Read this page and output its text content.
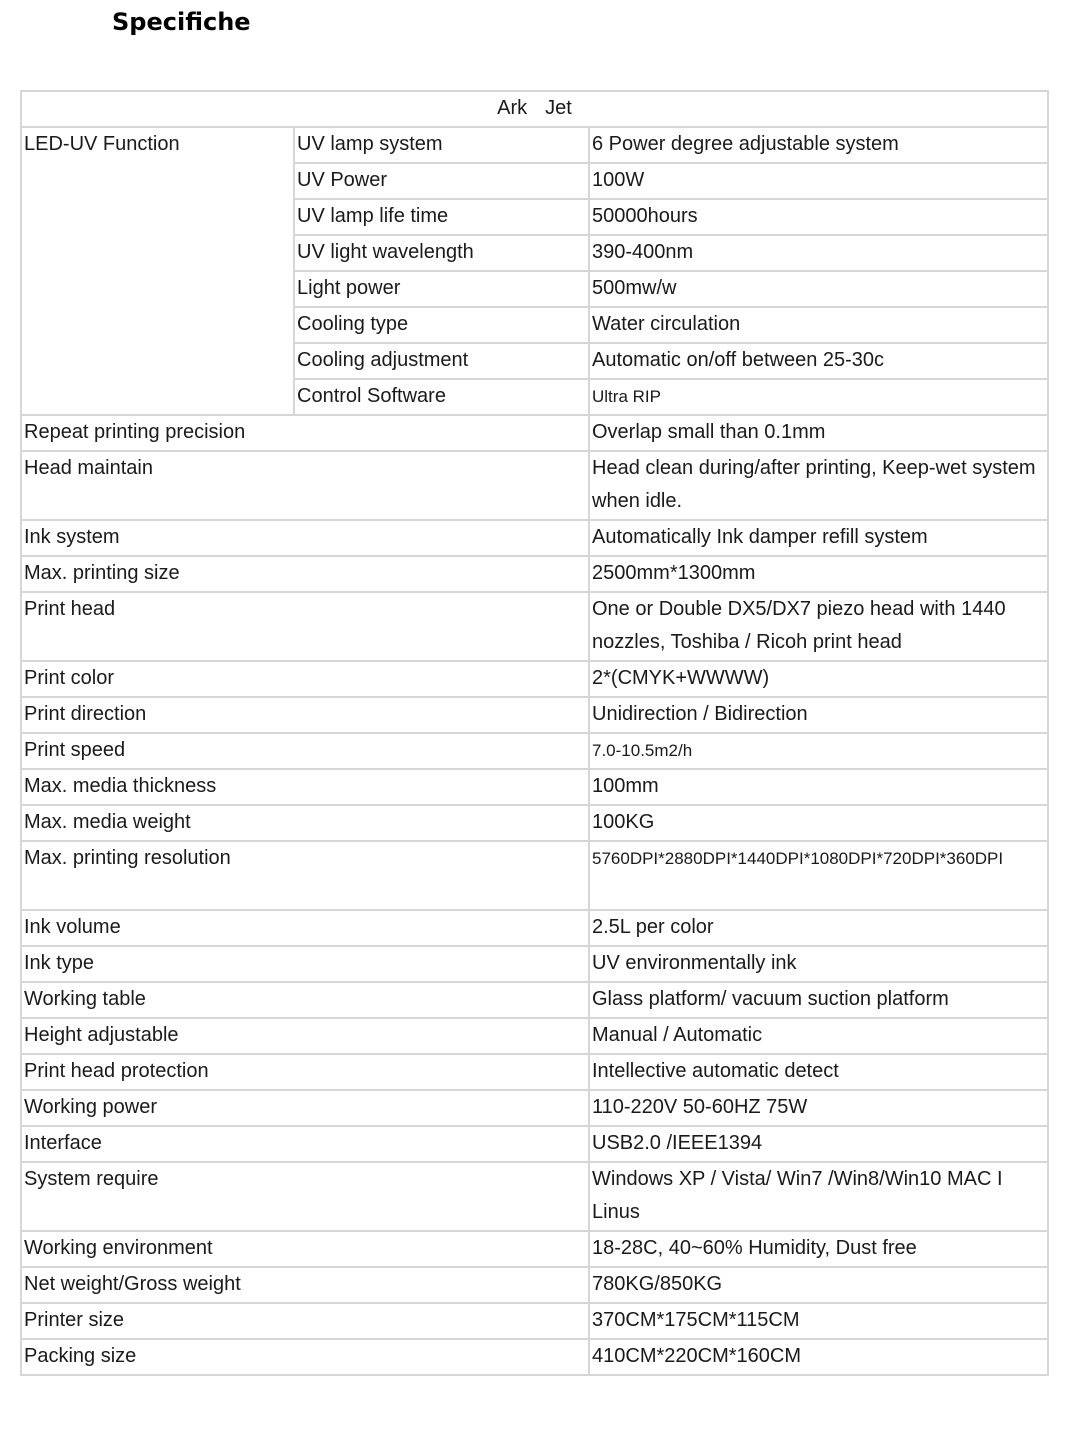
Specifiche
Ark Jet		
LED-UV Function	UV lamp system	6 Power degree adjustable system
	UV Power	100W
	UV lamp life time	50000hours
	UV light wavelength	390-400nm
	Light power	500mw/w
	Cooling type	Water circulation
	Cooling adjustment	Automatic on/off between 25-30c
	Control Software	Ultra RIP
Repeat printing precision		Overlap small than 0.1mm
Head maintain		Head clean during/after printing, Keep-wet system when idle.
Ink system		Automatically Ink damper refill system
Max. printing size		2500mm*1300mm
Print head		One or Double DX5/DX7 piezo head with 1440 nozzles, Toshiba / Ricoh print head
Print color		2*(CMYK+WWWW)
Print direction		Unidirection / Bidirection
Print speed		7.0-10.5m2/h
Max. media thickness		100mm
Max. media weight		100KG
Max. printing resolution		5760DPI*2880DPI*1440DPI*1080DPI*720DPI*360DPI
Ink volume		2.5L per color
Ink type		UV environmentally ink
Working table		Glass platform/ vacuum suction platform
Height adjustable		Manual / Automatic
Print head protection		Intellective automatic detect
Working power		110-220V 50-60HZ 75W
Interface		USB2.0 /IEEE1394
System require		Windows XP / Vista/ Win7 /Win8/Win10 MAC I Linus
Working environment		18-28C, 40~60% Humidity, Dust free
Net weight/Gross weight		780KG/850KG
Printer size		370CM*175CM*115CM
Packing size		410CM*220CM*160CM
